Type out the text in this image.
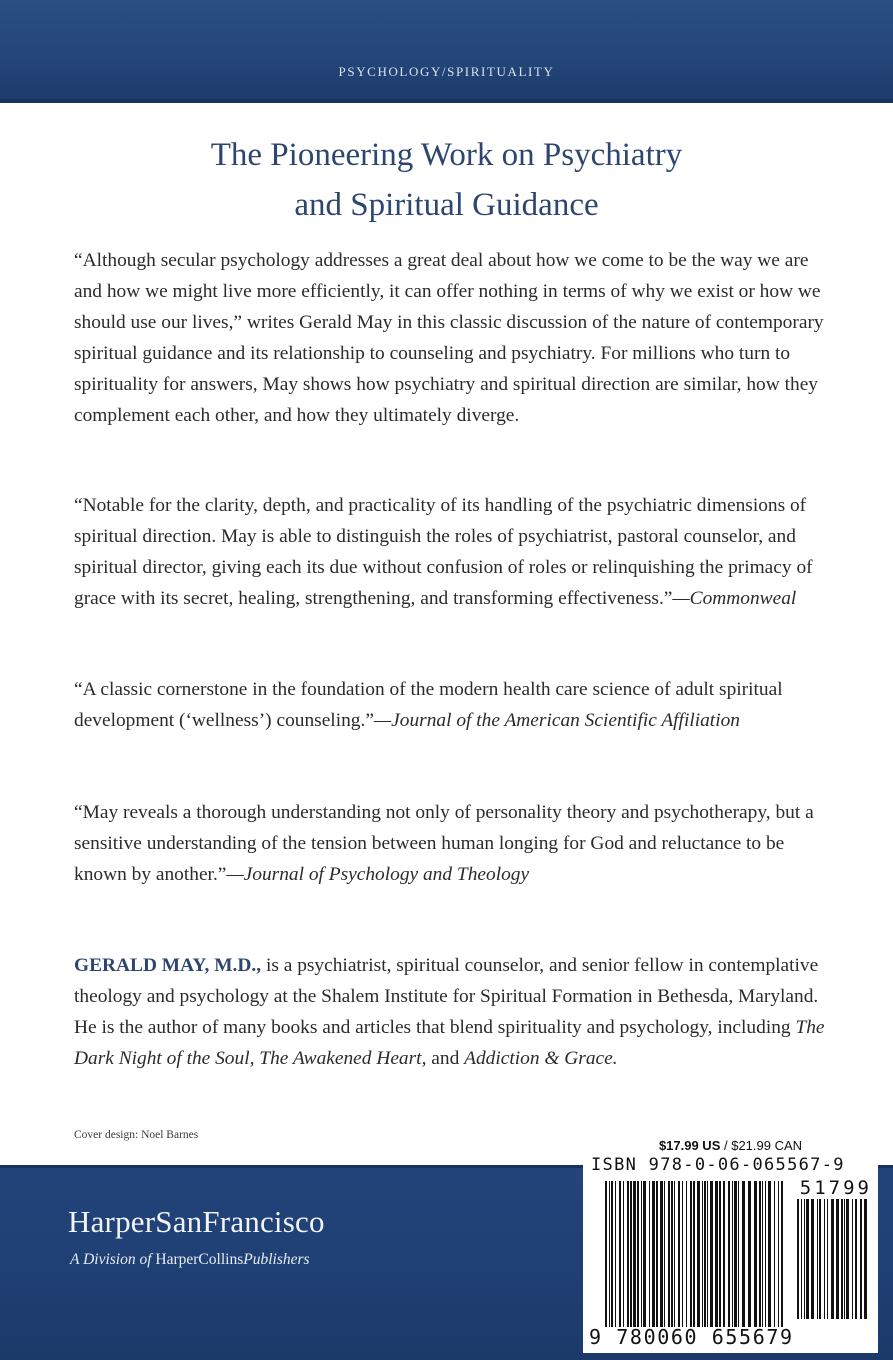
PSYCHOLOGY/SPIRITUALITY
The Pioneering Work on Psychiatry
and Spiritual Guidance

“Although secular psychology addresses a great deal about how we come to be the way we are and how we might live more efficiently, it can offer nothing in terms of why we exist or how we should use our lives,” writes Gerald May in this classic discussion of the nature of contemporary spiritual guidance and its relationship to counseling and psychiatry. For millions who turn to spirituality for answers, May shows how psychiatry and spiritual direction are similar, how they complement each other, and how they ultimately diverge.

“Notable for the clarity, depth, and practicality of its handling of the psychiatric dimensions of spiritual direction. May is able to distinguish the roles of psychiatrist, pastoral counselor, and spiritual director, giving each its due without confusion of roles or relinquishing the primacy of grace with its secret, healing, strengthening, and transforming effectiveness.”—Commonweal

“A classic cornerstone in the foundation of the modern health care science of adult spiritual development (‘wellness’) counseling.”—Journal of the American Scientific Affiliation

“May reveals a thorough understanding not only of personality theory and psychotherapy, but a sensitive understanding of the tension between human longing for God and reluctance to be known by another.”—Journal of Psychology and Theology

GERALD MAY, M.D., is a psychiatrist, spiritual counselor, and senior fellow in contemplative theology and psychology at the Shalem Institute for Spiritual Formation in Bethesda, Maryland. He is the author of many books and articles that blend spirituality and psychology, including The Dark Night of the Soul, The Awakened Heart, and Addiction & Grace.

Cover design: Noel Barnes
HarperSanFrancisco
A Division of HarperCollinsPublishers
$17.99 US / $21.99 CAN
ISBN 978-0-06-065567-9
51799
9 780060 655679
